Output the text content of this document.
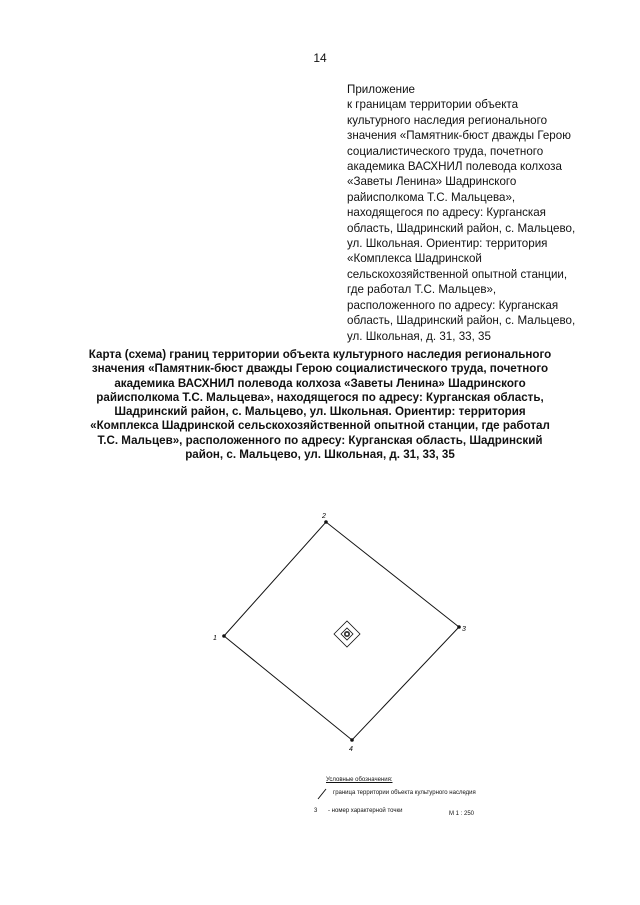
14
Приложение
к границам территории объекта
культурного наследия регионального
значения «Памятник-бюст дважды Герою
социалистического труда, почетного
академика ВАСХНИЛ полевода колхоза
«Заветы Ленина» Шадринского
райисполкома Т.С. Мальцева»,
находящегося по адресу: Курганская
область, Шадринский район, с. Мальцево,
ул. Школьная. Ориентир: территория
«Комплекса Шадринской
сельскохозяйственной опытной станции,
где работал Т.С. Мальцев»,
расположенного по адресу: Курганская
область, Шадринский район, с. Мальцево,
ул. Школьная, д. 31, 33, 35
Карта (схема) границ территории объекта культурного наследия регионального
значения «Памятник-бюст дважды Герою социалистического труда, почетного
академика ВАСХНИЛ полевода колхоза «Заветы Ленина» Шадринского
райисполкома Т.С. Мальцева», находящегося по адресу: Курганская область,
Шадринский район, с. Мальцево, ул. Школьная. Ориентир: территория
«Комплекса Шадринской сельскохозяйственной опытной станции, где работал
Т.С. Мальцев», расположенного по адресу: Курганская область, Шадринский
район, с. Мальцево, ул. Школьная, д. 31, 33, 35
1
2
3
4
Условные обозначения:
граница территории объекта культурного наследия
3 - номер характерной точки	М 1 : 250
